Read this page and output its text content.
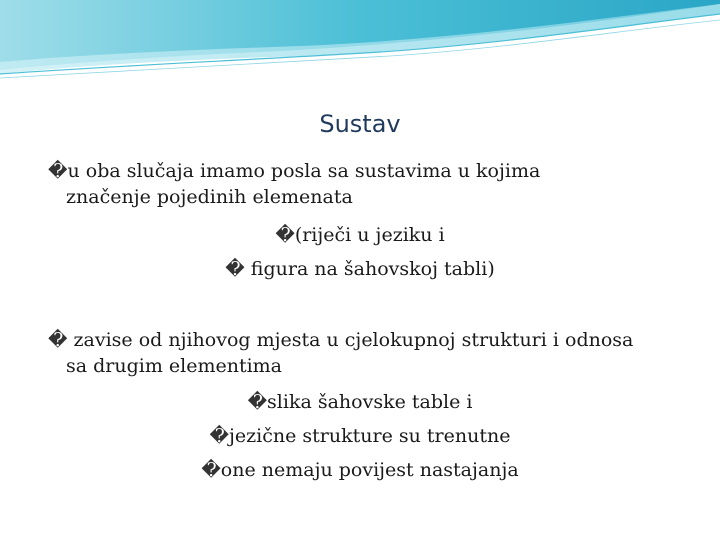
Sustav
�u oba slučaja imamo posla sa sustavima u kojima
značenje pojedinih elemenata
�(riječi u jeziku i
� figura na šahovskoj tabli)
� zavise od njihovog mjesta u cjelokupnoj strukturi i odnosa
sa drugim elementima
�slika šahovske table i
�jezične strukture su trenutne
�one nemaju povijest nastajanja
